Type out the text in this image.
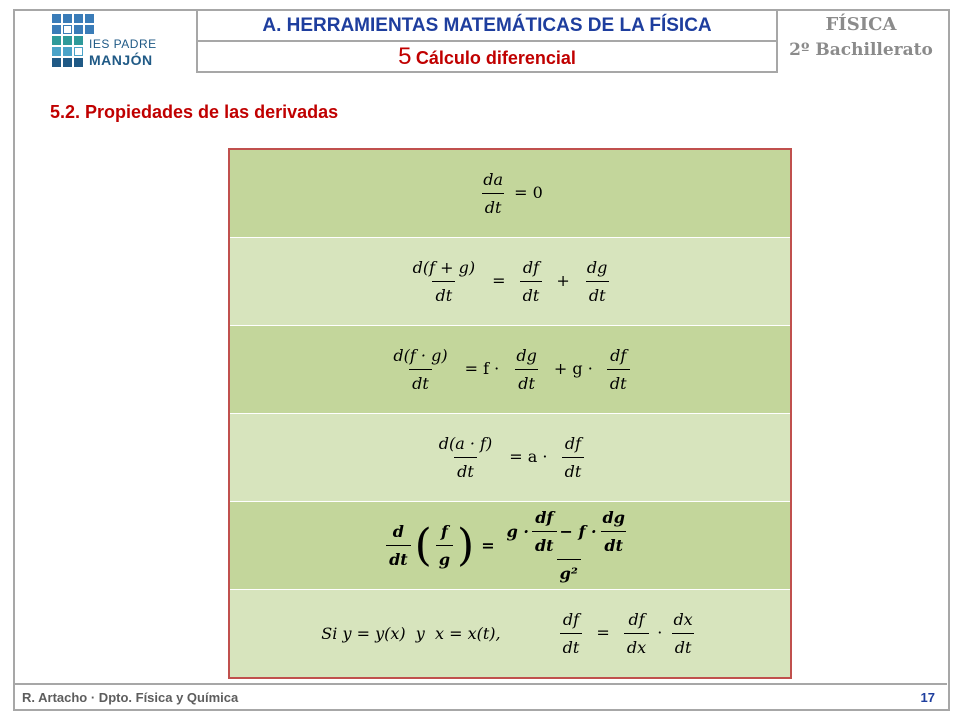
IES PADRE
MANJÓN
A. HERRAMIENTAS MATEMÁTICAS DE LA FÍSICA
5 Cálculo diferencial
FÍSICA
2º Bachillerato
5.2. Propiedades de las derivadas
$\frac{da}{dt} = 0$
$\frac{d(f + g)}{dt} = \frac{df}{dt} + \frac{dg}{dt}$
$\frac{d(f \cdot g)}{dt} = f \cdot \frac{dg}{dt} + g \cdot \frac{df}{dt}$
$\frac{d(a \cdot f)}{dt} = a \cdot \frac{df}{dt}$
$\frac{d}{dt}$ ( $\frac{f}{g}$ ) = $\frac{g \cdot \frac{df}{dt} - f \cdot \frac{dg}{dt}}{\text{g²}}$
Si y = y(x)  y  x = x(t),	$\frac{df}{dt} = \frac{df}{dx} \cdot \frac{dx}{dt}$
R. Artacho · Dpto. Física y Química	17
